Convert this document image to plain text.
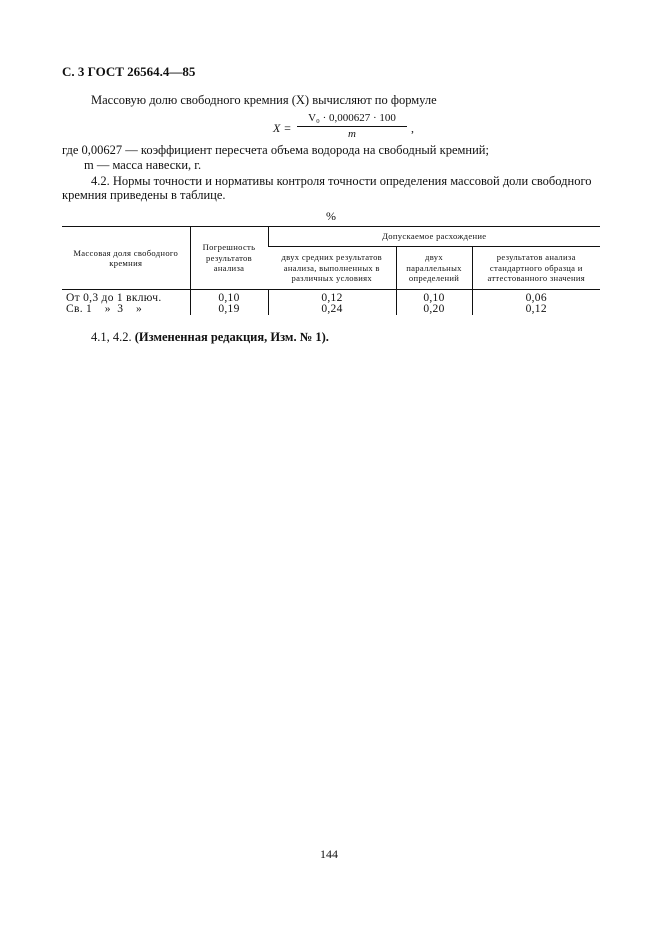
С. 3 ГОСТ 26564.4—85
Массовую долю свободного кремния (X) вычисляют по формуле
X =
V₀ · 0,000627 · 100
m	,
где 0,00627 — коэффициент пересчета объема водорода на свободный кремний;
m — масса навески, г.
4.2. Нормы точности и нормативы контроля точности определения массовой доли свободного
кремния приведены в таблице.
%
Массовая доля свободного кремния	Погрешность результатов анализа	Допускаемое расхождение		
		двух средних результатов анализа, выполненных в различных условиях	двух параллельных определений	результатов анализа стандартного образца и аттестованного значения
От 0,3 до 1 включ.	0,10	0,12	0,10	0,06
Св. 1    »  3    »	0,19	0,24	0,20	0,12
4.1, 4.2. (Измененная редакция, Изм. № 1).
144
